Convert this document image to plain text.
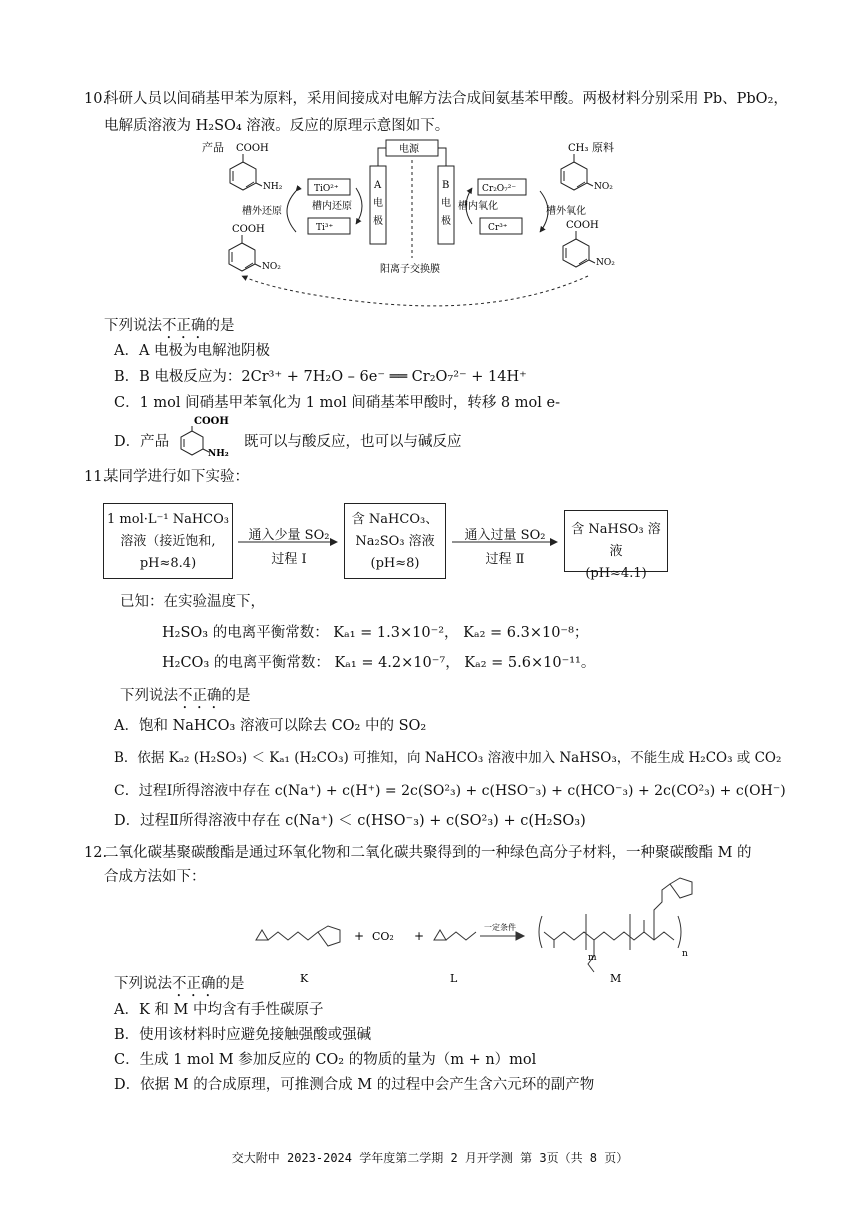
10.
科研人员以间硝基甲苯为原料，采用间接成对电解方法合成间氨基苯甲酸。两极材料分别采用 Pb、PbO₂，
电解质溶液为 H₂SO₄ 溶液。反应的原理示意图如下。
产品 COOH
NH₂
COOH
NO₂
槽外还原
TiO²⁺
Ti³⁺
槽内还原
电源
A
电
极
B
电
极
阳离子交换膜
Cr₂O₇²⁻
Cr³⁺
槽内氧化
CH₃ 原料
NO₂
COOH
NO₂
槽外氧化
下列说法不正确的是
A．A 电极为电解池阴极
B．B 电极反应为：2Cr³⁺ + 7H₂O – 6e⁻ ══ Cr₂O₇²⁻ + 14H⁺
C．1 mol 间硝基甲苯氧化为 1 mol 间硝基苯甲酸时，转移 8 mol e-
D．产品
COOH
NH₂
既可以与酸反应，也可以与碱反应
11.
某同学进行如下实验：
1 mol·L⁻¹ NaHCO₃
溶液（接近饱和,
pH≈8.4)
通入少量 SO₂
过程 Ⅰ
含 NaHCO₃、
Na₂SO₃ 溶液
(pH≈8)
通入过量 SO₂
过程 Ⅱ
含 NaHSO₃ 溶液
(pH≈4.1)
已知：在实验温度下，
H₂SO₃ 的电离平衡常数： Kₐ₁ = 1.3×10⁻²， Kₐ₂ = 6.3×10⁻⁸；
H₂CO₃ 的电离平衡常数： Kₐ₁ = 4.2×10⁻⁷， Kₐ₂ = 5.6×10⁻¹¹。
下列说法不正确的是
A．饱和 NaHCO₃ 溶液可以除去 CO₂ 中的 SO₂
B．依据 Kₐ₂ (H₂SO₃) ＜ Kₐ₁ (H₂CO₃) 可推知，向 NaHCO₃ 溶液中加入 NaHSO₃，不能生成 H₂CO₃ 或 CO₂
C．过程Ⅰ所得溶液中存在 c(Na⁺) + c(H⁺) = 2c(SO²₃) + c(HSO⁻₃) + c(HCO⁻₃) + 2c(CO²₃) + c(OH⁻)
D．过程Ⅱ所得溶液中存在 c(Na⁺) ＜ c(HSO⁻₃) + c(SO²₃) + c(H₂SO₃)
12.
二氧化碳基聚碳酸酯是通过环氧化物和二氧化碳共聚得到的一种绿色高分子材料，一种聚碳酸酯 M 的
合成方法如下：
CO₂
+	+
一定条件
m	n
K	L	M
下列说法不正确的是
A．K 和 M 中均含有手性碳原子
B．使用该材料时应避免接触强酸或强碱
C．生成 1 mol M 参加反应的 CO₂ 的物质的量为（m + n）mol
D．依据 M 的合成原理，可推测合成 M 的过程中会产生含六元环的副产物
交大附中 2023-2024 学年度第二学期 2 月开学测 第 3页（共 8 页）
